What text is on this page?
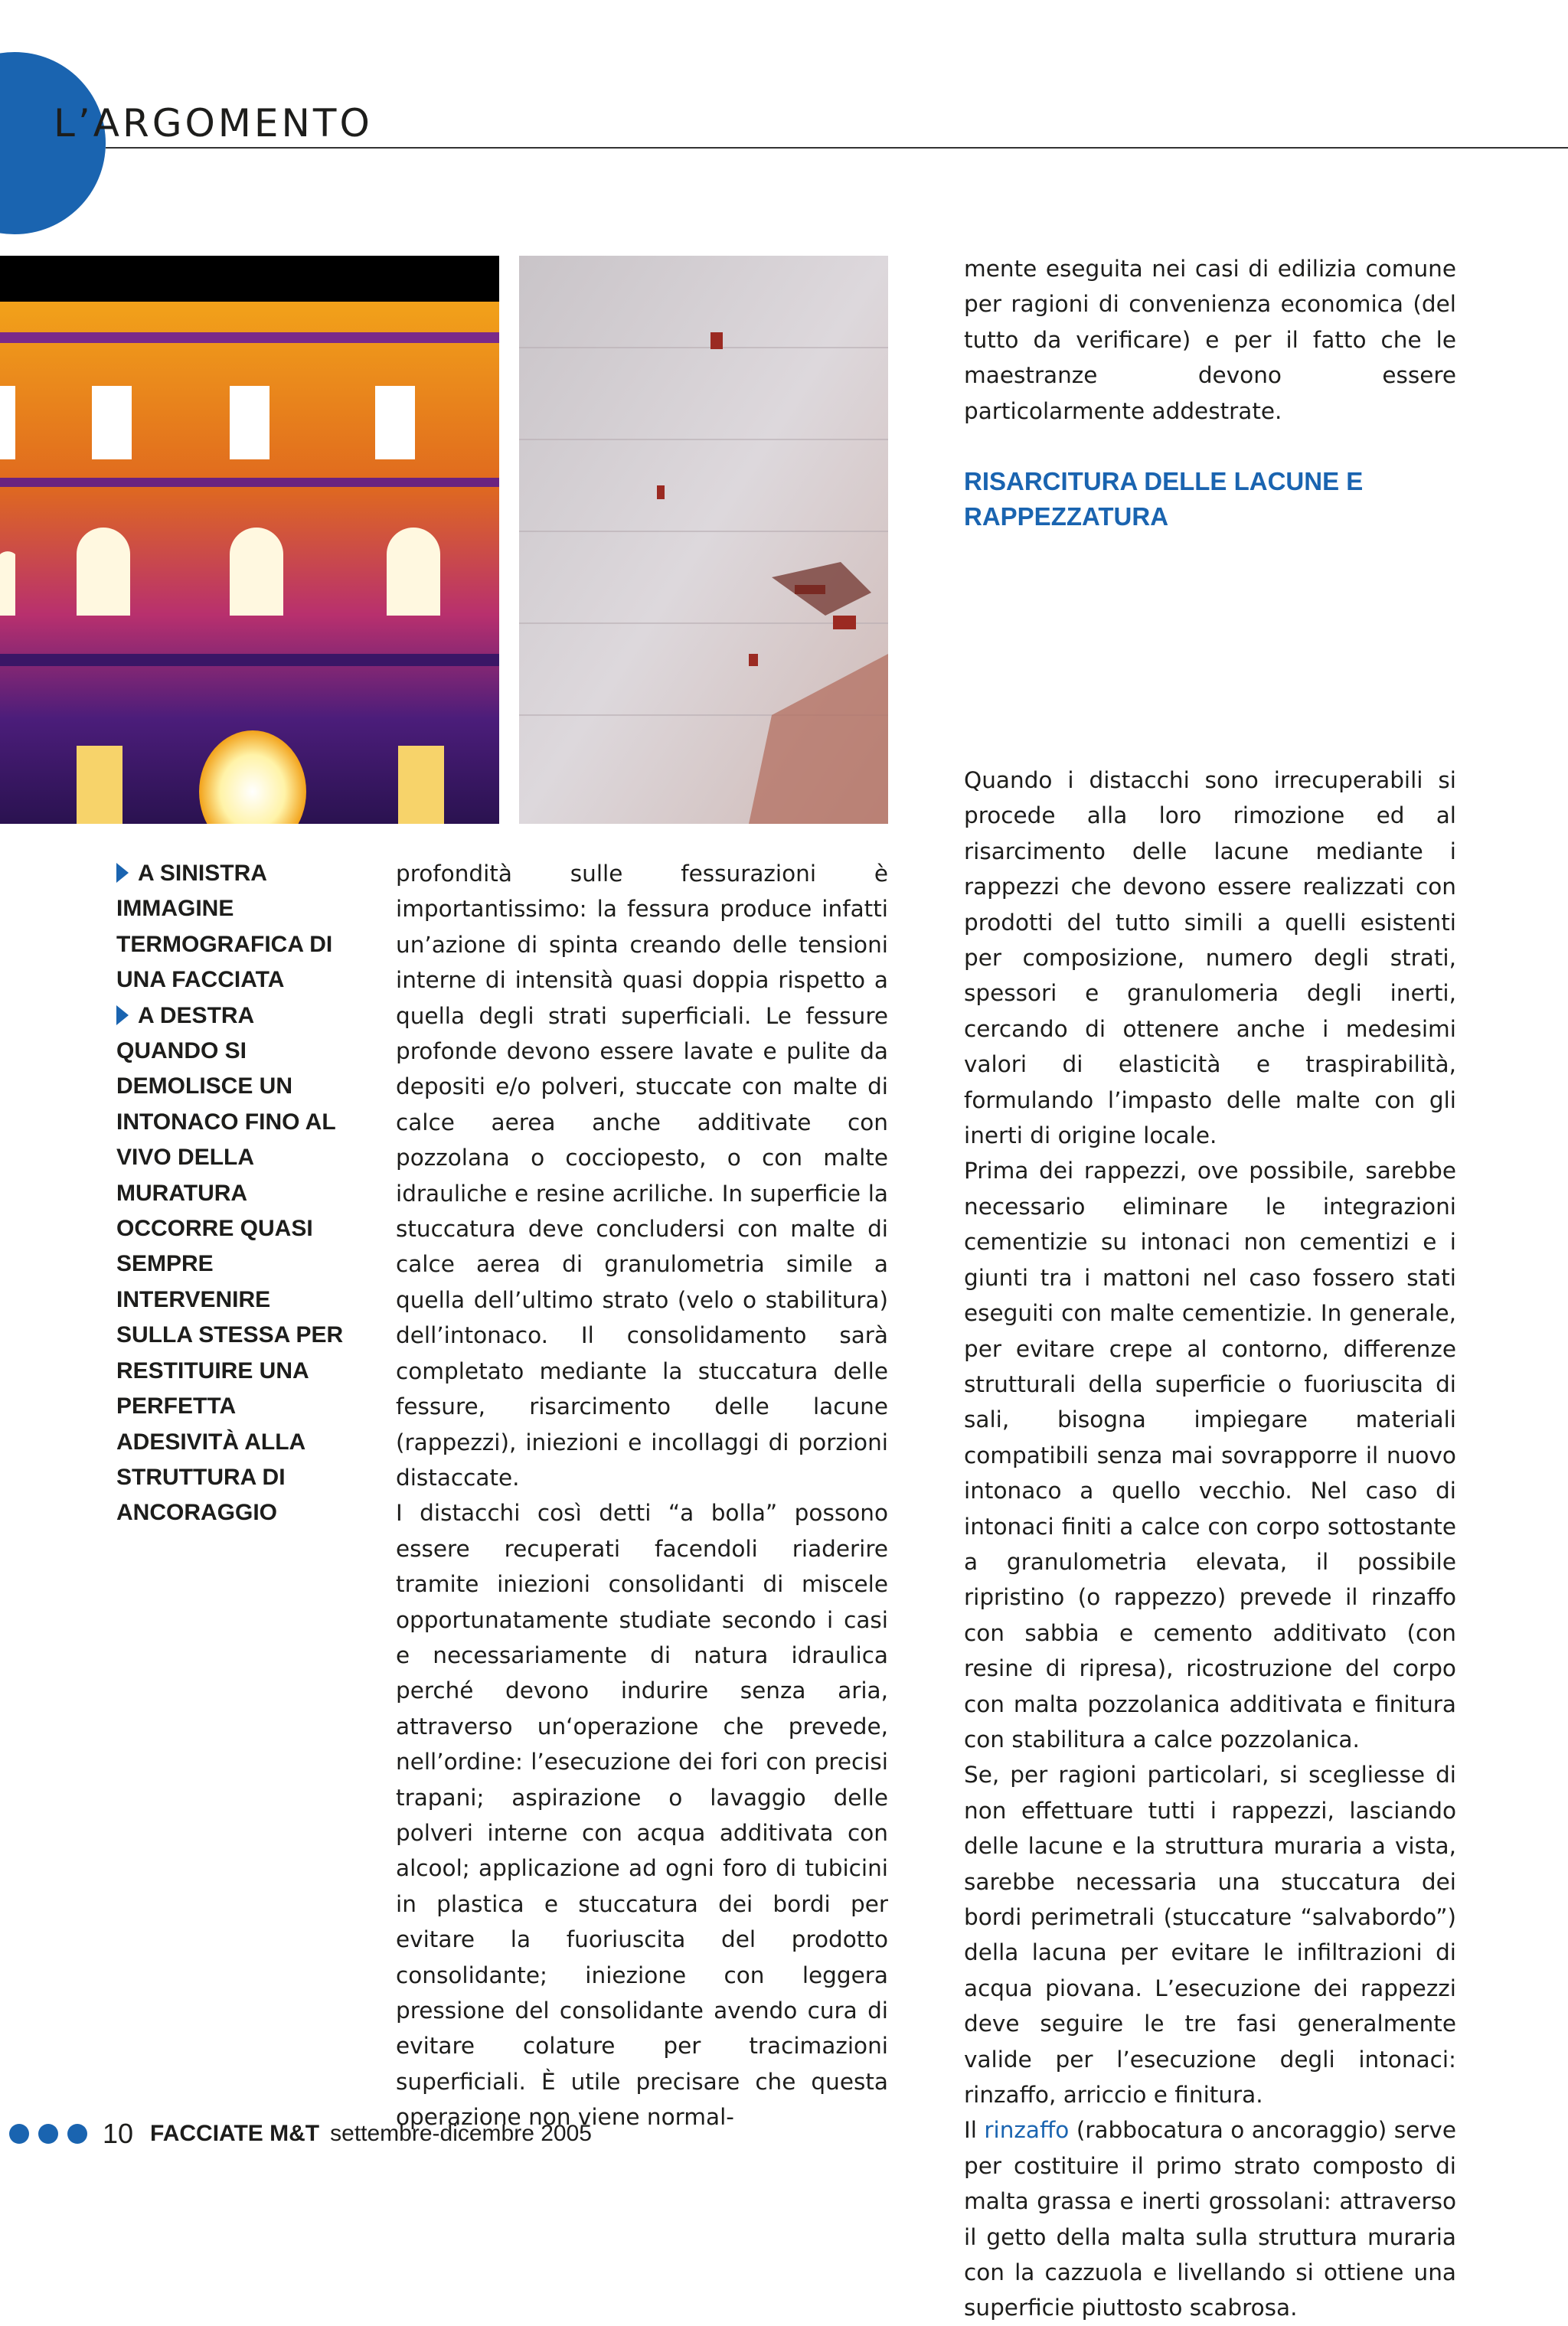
L’ARGOMENTO
A SINISTRA IMMAGINE TERMOGRAFICA DI UNA FACCIATA
A DESTRA QUANDO SI DEMOLISCE UN INTONACO FINO AL VIVO DELLA MURATURA OCCORRE QUASI SEMPRE INTERVENIRE SULLA STESSA PER RESTITUIRE UNA PERFETTA ADESIVITÀ ALLA STRUTTURA DI ANCORAGGIO

profondità sulle fessurazioni è importantissimo: la fessura produce infatti un’azione di spinta creando delle tensioni interne di intensità quasi doppia rispetto a quella degli strati superficiali. Le fessure profonde devono essere lavate e pulite da depositi e/o polveri, stuccate con malte di calce aerea anche additivate con pozzolana o cocciopesto, o con malte idrauliche e resine acriliche. In superficie la stuccatura deve concludersi con malte di calce aerea di granulometria simile a quella dell’ultimo strato (velo o stabilitura) dell’intonaco. Il consolidamento sarà completato mediante la stuccatura delle fessure, risarcimento delle lacune (rappezzi), iniezioni e incollaggi di porzioni distaccate.

I distacchi così detti “a bolla” possono essere recuperati facendoli riaderire tramite iniezioni consolidanti di miscele opportunatamente studiate secondo i casi e necessariamente di natura idraulica perché devono indurire senza aria, attraverso un‘operazione che prevede, nell’ordine: l’esecuzione dei fori con precisi trapani; aspirazione o lavaggio delle polveri interne con acqua additivata con alcool; applicazione ad ogni foro di tubicini in plastica e stuccatura dei bordi per evitare la fuoriuscita del prodotto consolidante; iniezione con leggera pressione del consolidante avendo cura di evitare colature per tracimazioni superficiali. È utile precisare che questa operazione non viene normal-

mente eseguita nei casi di edilizia comune per ragioni di convenienza economica (del tutto da verificare) e per il fatto che le maestranze devono essere particolarmente addestrate.

RISARCITURA DELLE LACUNE E RAPPEZZATURA

Quando i distacchi sono irrecuperabili si procede alla loro rimozione ed al risarcimento delle lacune mediante i rappezzi che devono essere realizzati con prodotti del tutto simili a quelli esistenti per composizione, numero degli strati, spessori e granulomeria degli inerti, cercando di ottenere anche i medesimi valori di elasticità e traspirabilità, formulando l’impasto delle malte con gli inerti di origine locale.

Prima dei rappezzi, ove possibile, sarebbe necessario eliminare le integrazioni cementizie su intonaci non cementizi e i giunti tra i mattoni nel caso fossero stati eseguiti con malte cementizie. In generale, per evitare crepe al contorno, differenze strutturali della superficie o fuoriuscita di sali, bisogna impiegare materiali compatibili senza mai sovrapporre il nuovo intonaco a quello vecchio. Nel caso di intonaci finiti a calce con corpo sottostante a granulometria elevata, il possibile ripristino (o rappezzo) prevede il rinzaffo con sabbia e cemento additivato (con resine di ripresa), ricostruzione del corpo con malta pozzolanica additivata e finitura con stabilitura a calce pozzolanica.

Se, per ragioni particolari, si scegliesse di non effettuare tutti i rappezzi, lasciando delle lacune e la struttura muraria a vista, sarebbe necessaria una stuccatura dei bordi perimetrali (stuccature “salvabordo”) della lacuna per evitare le infiltrazioni di acqua piovana. L’esecuzione dei rappezzi deve seguire le tre fasi generalmente valide per l’esecuzione degli intonaci: rinzaffo, arriccio e finitura.

Il rinzaffo (rabbocatura o ancoraggio) serve per costituire il primo strato composto di malta grassa e inerti grossolani: attraverso il getto della malta sulla struttura muraria con la cazzuola e livellando si ottiene una superficie piuttosto scabrosa.

10 FACCIATE M&T settembre-dicembre 2005
